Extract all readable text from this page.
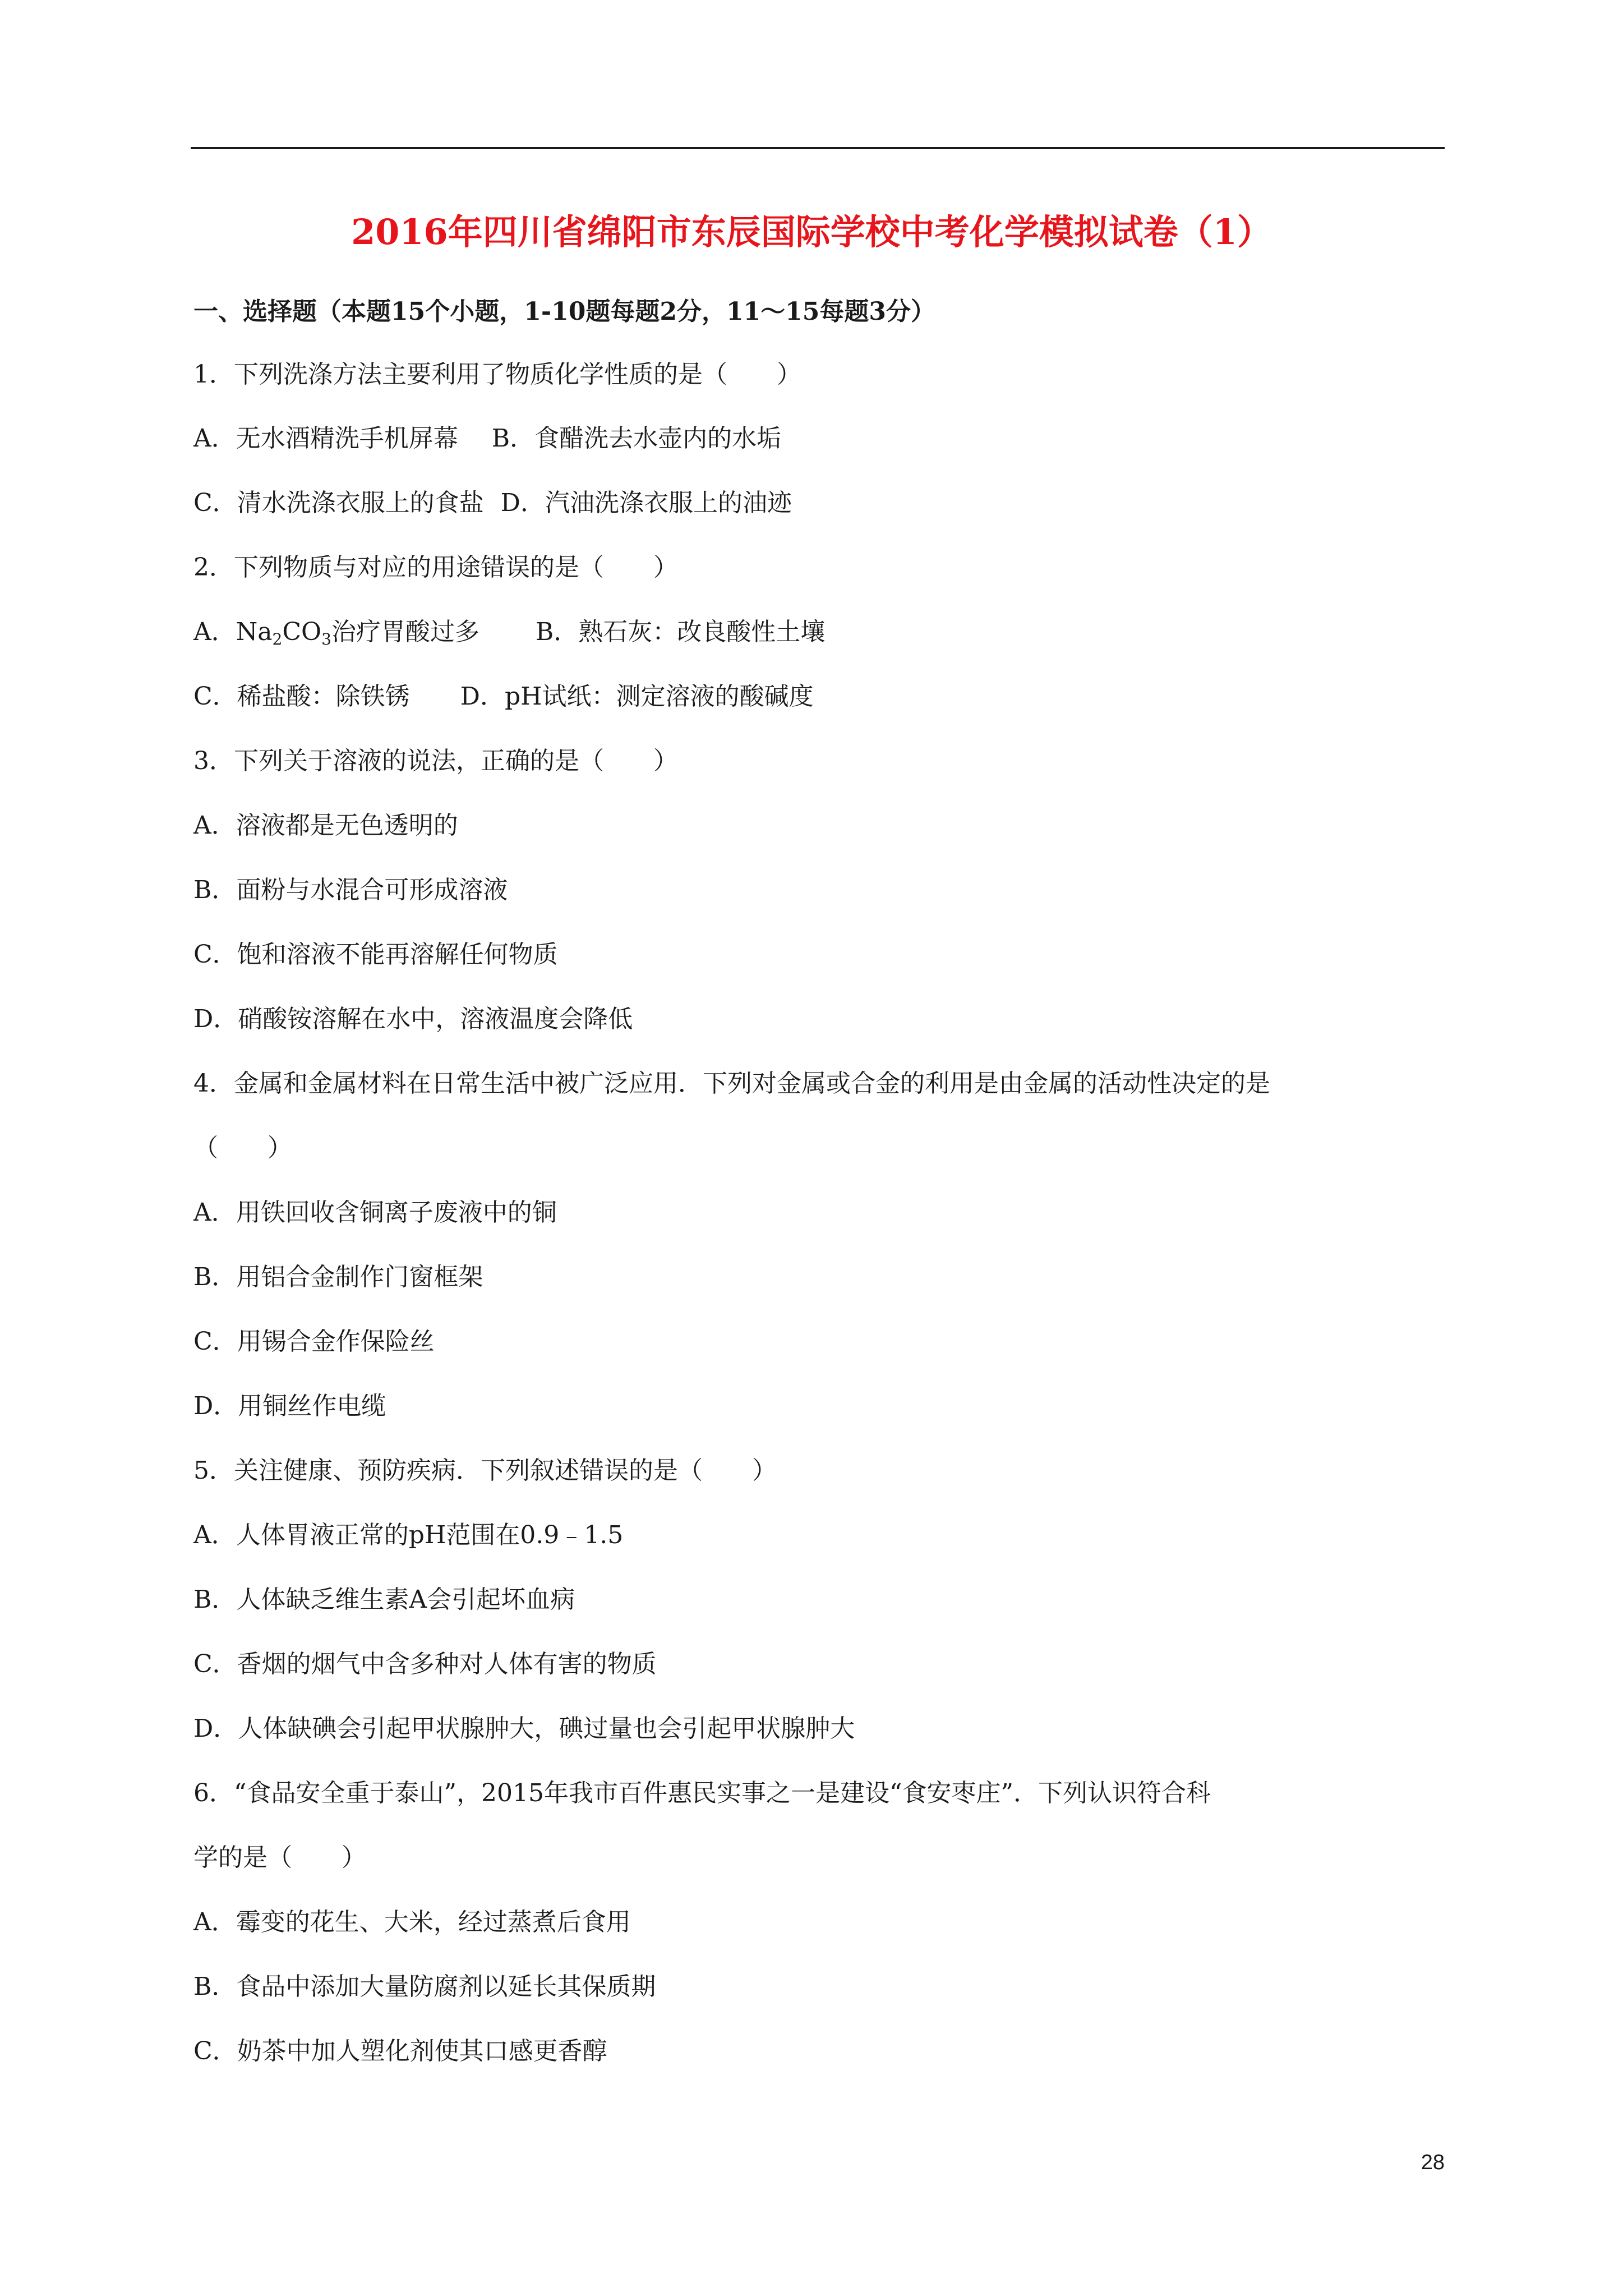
2016年四川省绵阳市东辰国际学校中考化学模拟试卷（1）
一、选择题（本题15个小题，1-10题每题2分，11～15每题3分）
1．下列洗涤方法主要利用了物质化学性质的是（　　）
A．无水酒精洗手机屏幕 B．食醋洗去水壶内的水垢
C．清水洗涤衣服上的食盐 D．汽油洗涤衣服上的油迹
2．下列物质与对应的用途错误的是（　　）
A．$Na_2CO_3$治疗胃酸过多 B．熟石灰：改良酸性土壤
C．稀盐酸：除铁锈 D．pH试纸：测定溶液的酸碱度
3．下列关于溶液的说法，正确的是（　　）
A．溶液都是无色透明的
B．面粉与水混合可形成溶液
C．饱和溶液不能再溶解任何物质
D．硝酸铵溶解在水中，溶液温度会降低
4．金属和金属材料在日常生活中被广泛应用．下列对金属或合金的利用是由金属的活动性决定的是
（　　）
A．用铁回收含铜离子废液中的铜
B．用铝合金制作门窗框架
C．用锡合金作保险丝
D．用铜丝作电缆
5．关注健康、预防疾病．下列叙述错误的是（　　）
A．人体胃液正常的pH范围在0.9﹣1.5
B．人体缺乏维生素A会引起坏血病
C．香烟的烟气中含多种对人体有害的物质
D．人体缺碘会引起甲状腺肿大，碘过量也会引起甲状腺肿大
6．“食品安全重于泰山”，2015年我市百件惠民实事之一是建设“食安枣庄”．下列认识符合科
学的是（　　）
A．霉变的花生、大米，经过蒸煮后食用
B．食品中添加大量防腐剂以延长其保质期
C．奶茶中加人塑化剂使其口感更香醇
28
